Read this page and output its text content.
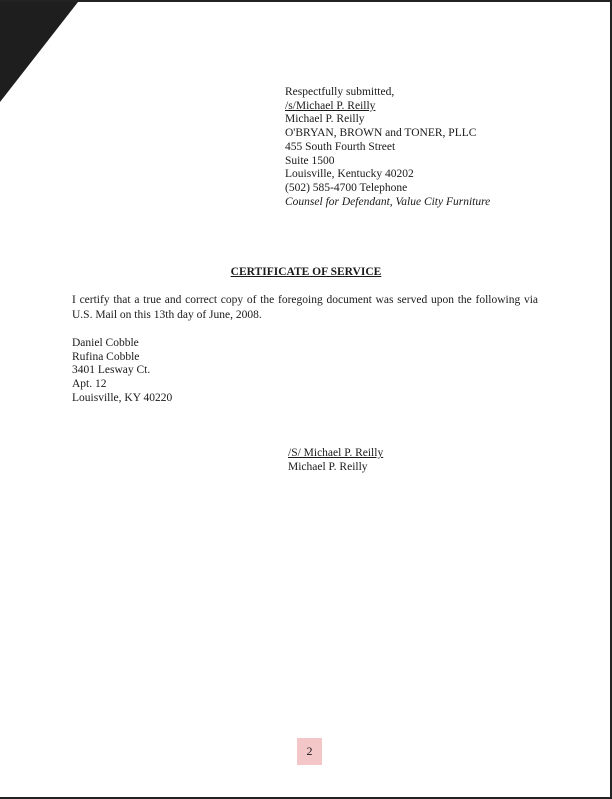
Respectfully submitted,
/s/Michael P. Reilly
Michael P. Reilly
O'BRYAN, BROWN and TONER, PLLC
455 South Fourth Street
Suite 1500
Louisville, Kentucky 40202
(502) 585-4700 Telephone
Counsel for Defendant, Value City Furniture
CERTIFICATE OF SERVICE
I certify that a true and correct copy of the foregoing document was served upon the following via U.S. Mail on this 13th day of June, 2008.
Daniel Cobble
Rufina Cobble
3401 Lesway Ct.
Apt. 12
Louisville, KY 40220
/S/ Michael P. Reilly
Michael P. Reilly
2
